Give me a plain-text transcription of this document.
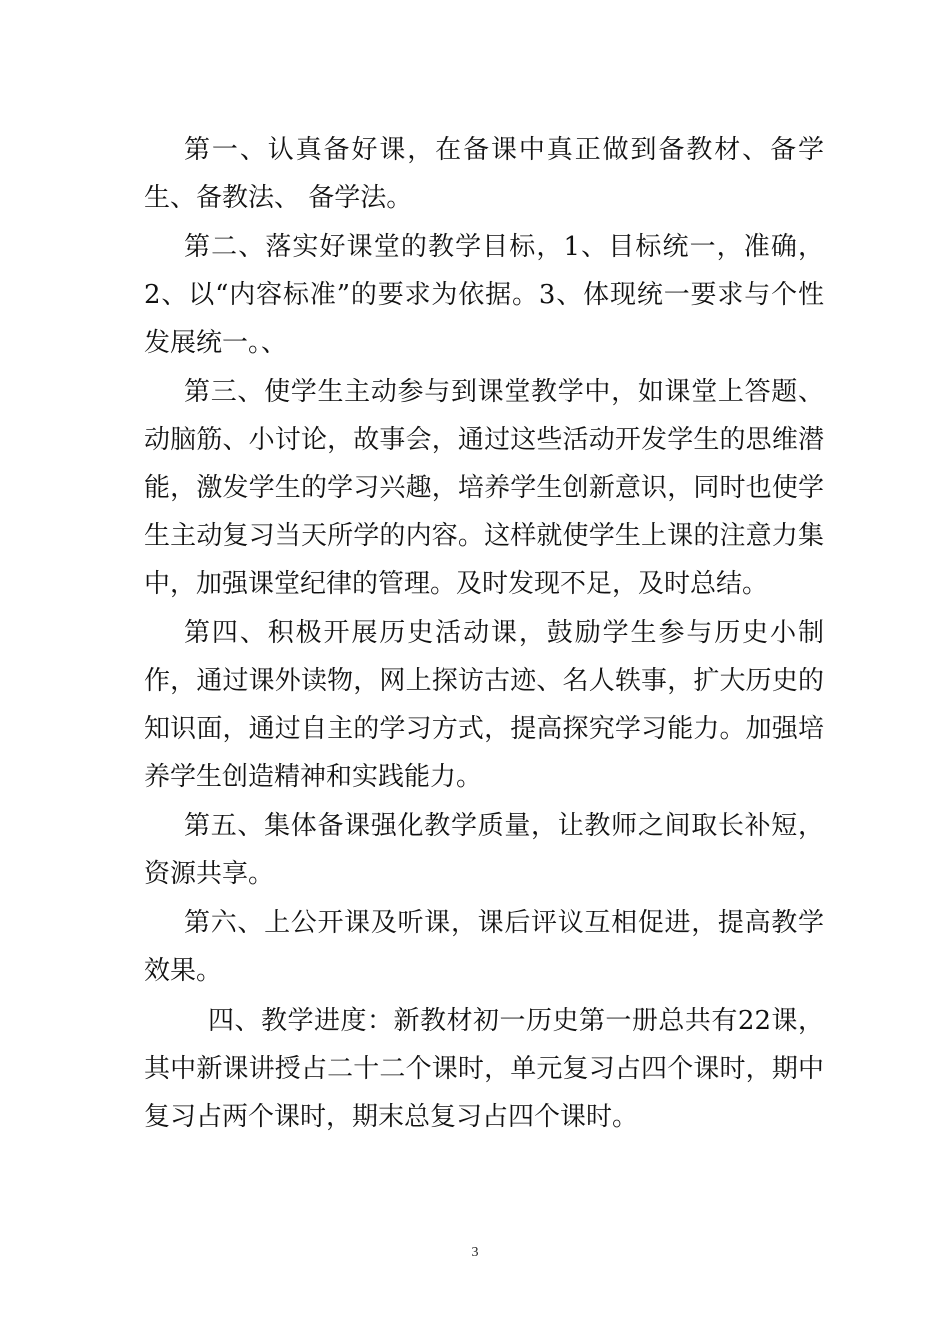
第一、认真备好课，在备课中真正做到备教材、备学生、备教法、 备学法。

第二、落实好课堂的教学目标，1、目标统一，准确，2、以“内容标准”的要求为依据。3、体现统一要求与个性发展统一。、

第三、使学生主动参与到课堂教学中，如课堂上答题、动脑筋、小讨论，故事会，通过这些活动开发学生的思维潜能，激发学生的学习兴趣，培养学生创新意识，同时也使学生主动复习当天所学的内容。这样就使学生上课的注意力集中，加强课堂纪律的管理。及时发现不足，及时总结。

第四、积极开展历史活动课，鼓励学生参与历史小制作，通过课外读物，网上探访古迹、名人轶事，扩大历史的知识面，通过自主的学习方式，提高探究学习能力。加强培养学生创造精神和实践能力。

第五、集体备课强化教学质量，让教师之间取长补短，资源共享。

第六、上公开课及听课，课后评议互相促进，提高教学效果。

四、教学进度：新教材初一历史第一册总共有22课，其中新课讲授占二十二个课时，单元复习占四个课时，期中复习占两个课时，期末总复习占四个课时。

3
